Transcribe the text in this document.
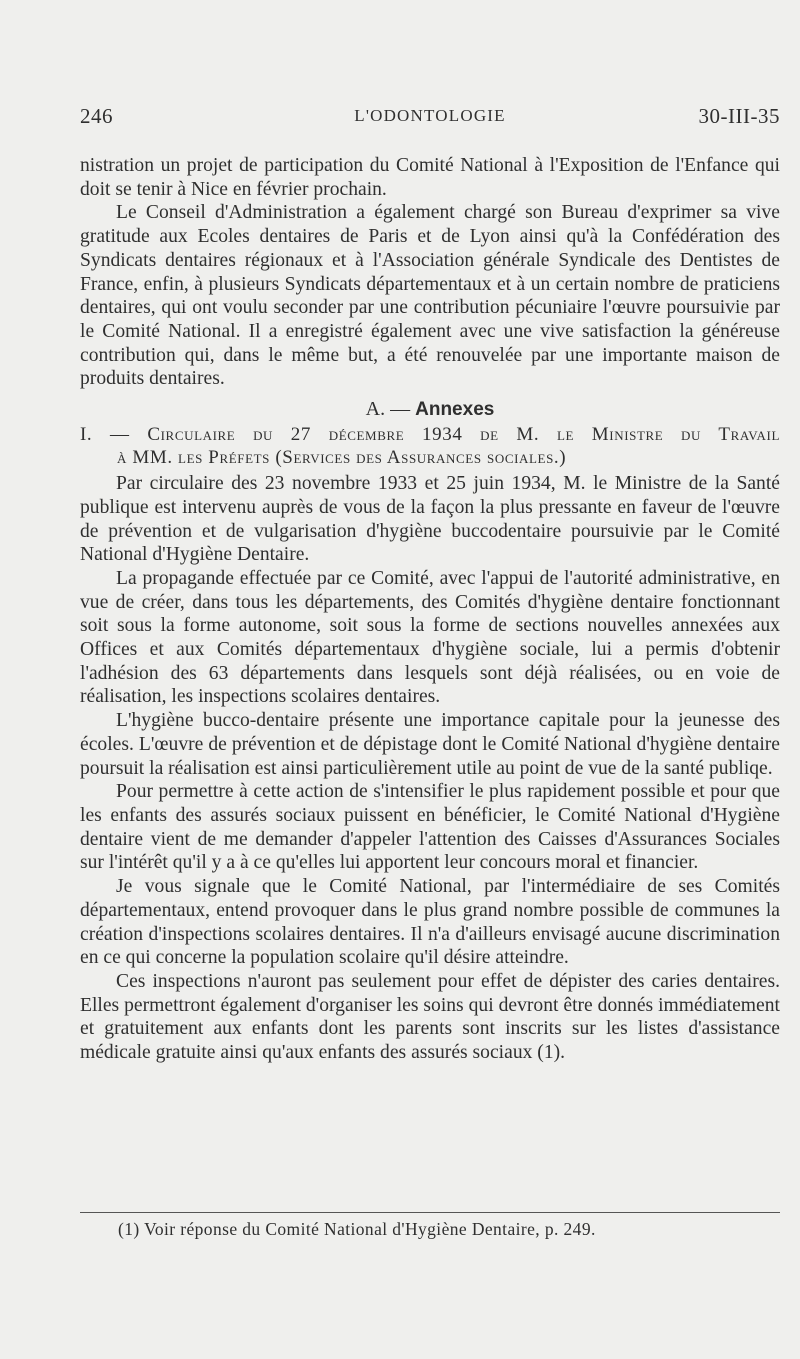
246	L'ODONTOLOGIE	30-III-35

nistration un projet de participation du Comité National à l'Exposition de l'Enfance qui doit se tenir à Nice en février prochain.

Le Conseil d'Administration a également chargé son Bureau d'exprimer sa vive gratitude aux Ecoles dentaires de Paris et de Lyon ainsi qu'à la Confédération des Syndicats dentaires régionaux et à l'Association générale Syndicale des Dentistes de France, enfin, à plusieurs Syndicats départementaux et à un certain nombre de praticiens dentaires, qui ont voulu seconder par une contribution pécuniaire l'œuvre poursuivie par le Comité National. Il a enregistré également avec une vive satisfaction la généreuse contribution qui, dans le même but, a été renouvelée par une importante maison de produits dentaires.

A. — Annexes
I. — Circulaire du 27 décembre 1934 de M. le Ministre du Travail
à MM. les Préfets (Services des Assurances sociales.)

Par circulaire des 23 novembre 1933 et 25 juin 1934, M. le Ministre de la Santé publique est intervenu auprès de vous de la façon la plus pressante en faveur de l'œuvre de prévention et de vulgarisation d'hygiène buccodentaire poursuivie par le Comité National d'Hygiène Dentaire.

La propagande effectuée par ce Comité, avec l'appui de l'autorité administrative, en vue de créer, dans tous les départements, des Comités d'hygiène dentaire fonctionnant soit sous la forme autonome, soit sous la forme de sections nouvelles annexées aux Offices et aux Comités départementaux d'hygiène sociale, lui a permis d'obtenir l'adhésion des 63 départements dans lesquels sont déjà réalisées, ou en voie de réalisation, les inspections scolaires dentaires.

L'hygiène bucco-dentaire présente une importance capitale pour la jeunesse des écoles. L'œuvre de prévention et de dépistage dont le Comité National d'hygiène dentaire poursuit la réalisation est ainsi particulièrement utile au point de vue de la santé publiqe.

Pour permettre à cette action de s'intensifier le plus rapidement possible et pour que les enfants des assurés sociaux puissent en bénéficier, le Comité National d'Hygiène dentaire vient de me demander d'appeler l'attention des Caisses d'Assurances Sociales sur l'intérêt qu'il y a à ce qu'elles lui apportent leur concours moral et financier.

Je vous signale que le Comité National, par l'intermédiaire de ses Comités départementaux, entend provoquer dans le plus grand nombre possible de communes la création d'inspections scolaires dentaires. Il n'a d'ailleurs envisagé aucune discrimination en ce qui concerne la population scolaire qu'il désire atteindre.

Ces inspections n'auront pas seulement pour effet de dépister des caries dentaires. Elles permettront également d'organiser les soins qui devront être donnés immédiatement et gratuitement aux enfants dont les parents sont inscrits sur les listes d'assistance médicale gratuite ainsi qu'aux enfants des assurés sociaux (1).

(1) Voir réponse du Comité National d'Hygiène Dentaire, p. 249.
